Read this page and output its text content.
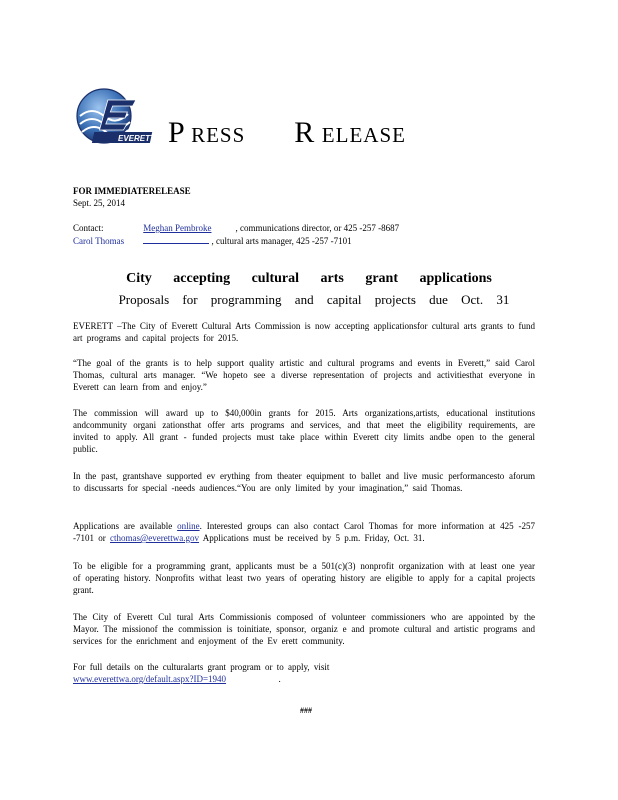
EVERETT P RESS R ELEASE
FOR IMMEDIATERELEASE
Sept. 25, 2014
Contact:	Meghan Pembroke	, communications director, or 425 -257 -8687
Carol Thomas	, cultural arts manager, 425 -257 -7101
City accepting cultural arts grant applications
Proposals for programming and capital projects due Oct. 31
EVERETT –The City of Everett Cultural Arts Commission is now accepting applicationsfor cultural arts grants to fund art programs and capital projects for 2015.
“The goal of the grants is to help support quality artistic and cultural programs and events in Everett,” said Carol Thomas, cultural arts manager. “We hopeto see a diverse representation of projects and activitiesthat everyone in Everett can learn from and enjoy.”
The commission will award up to $40,000in grants for 2015. Arts organizations,artists, educational institutions andcommunity organi zationsthat offer arts programs and services, and that meet the eligibility requirements, are invited to apply. All grant - funded projects must take place within Everett city limits andbe open to the general public.
In the past, grantshave supported ev erything from theater equipment to ballet and live music performancesto aforum to discussarts for special -needs audiences.“You are only limited by your imagination,” said Thomas.
Applications are available online. Interested groups can also contact Carol Thomas for more information at 425 -257 -7101 or cthomas@everettwa.gov Applications must be received by 5 p.m. Friday, Oct. 31.
To be eligible for a programming grant, applicants must be a 501(c)(3) nonprofit organization with at least one year of operating history. Nonprofits withat least two years of operating history are eligible to apply for a capital projects grant.
The City of Everett Cul tural Arts Commissionis composed of volunteer commissioners who are appointed by the Mayor. The missionof the commission is toinitiate, sponsor, organiz e and promote cultural and artistic programs and services for the enrichment and enjoyment of the Ev erett community.
For full details on the culturalarts grant program or to apply, visit
www.everettwa.org/default.aspx?ID=1940	.
###
